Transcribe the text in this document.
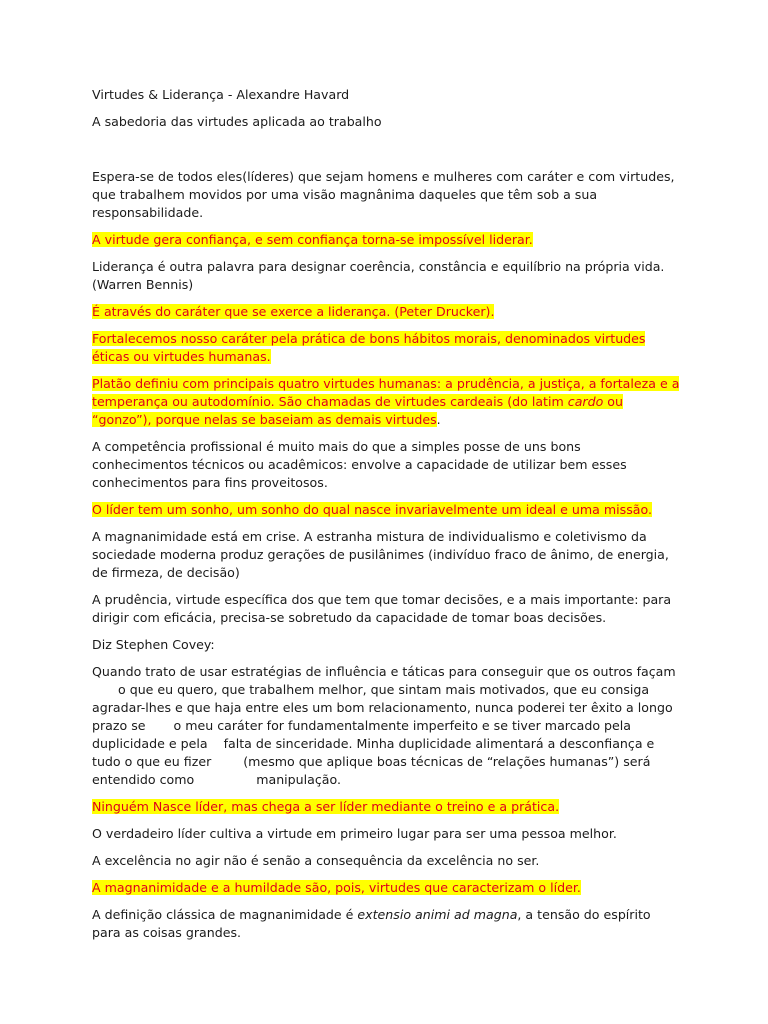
Virtudes & Liderança - Alexandre Havard
A sabedoria das virtudes aplicada ao trabalho
Espera-se de todos eles(líderes) que sejam homens e mulheres com caráter e com virtudes, que trabalhem movidos por uma visão magnânima daqueles que têm sob a sua responsabilidade.
A virtude gera confiança, e sem confiança torna-se impossível liderar.
Liderança é outra palavra para designar coerência, constância e equilíbrio na própria vida. (Warren Bennis)
É através do caráter que se exerce a liderança. (Peter Drucker).
Fortalecemos nosso caráter pela prática de bons hábitos morais, denominados virtudes éticas ou virtudes humanas.
Platão definiu com principais quatro virtudes humanas: a prudência, a justiça, a fortaleza e a temperança ou autodomínio. São chamadas de virtudes cardeais (do latim cardo ou “gonzo”), porque nelas se baseiam as demais virtudes.
A competência profissional é muito mais do que a simples posse de uns bons conhecimentos técnicos ou acadêmicos: envolve a capacidade de utilizar bem esses conhecimentos para fins proveitosos.
O líder tem um sonho, um sonho do qual nasce invariavelmente um ideal e uma missão.
A magnanimidade está em crise. A estranha mistura de individualismo e coletivismo da sociedade moderna produz gerações de pusilânimes (indivíduo fraco de ânimo, de energia, de firmeza, de decisão)
A prudência, virtude específica dos que tem que tomar decisões, e a mais importante: para dirigir com eficácia, precisa-se sobretudo da capacidade de tomar boas decisões.
Diz Stephen Covey:
Quando trato de usar estratégias de influência e táticas para conseguir que os outros façamo que eu quero, que trabalhem melhor, que sintam mais motivados, que eu consiga agradar-lhes e que haja entre eles um bom relacionamento, nunca poderei ter êxito a longo prazo se o meu caráter for fundamentalmente imperfeito e se tiver marcado pela duplicidade e pela falta de sinceridade. Minha duplicidade alimentará a desconfiança e tudo o que eu fizer	(mesmo que aplique boas técnicas de “relações humanas”) será entendido como	manipulação.
Ninguém Nasce líder, mas chega a ser líder mediante o treino e a prática.
O verdadeiro líder cultiva a virtude em primeiro lugar para ser uma pessoa melhor.
A excelência no agir não é senão a consequência da excelência no ser.
A magnanimidade e a humildade são, pois, virtudes que caracterizam o líder.
A definição clássica de magnanimidade é extensio animi ad magna, a tensão do espírito para as coisas grandes.
